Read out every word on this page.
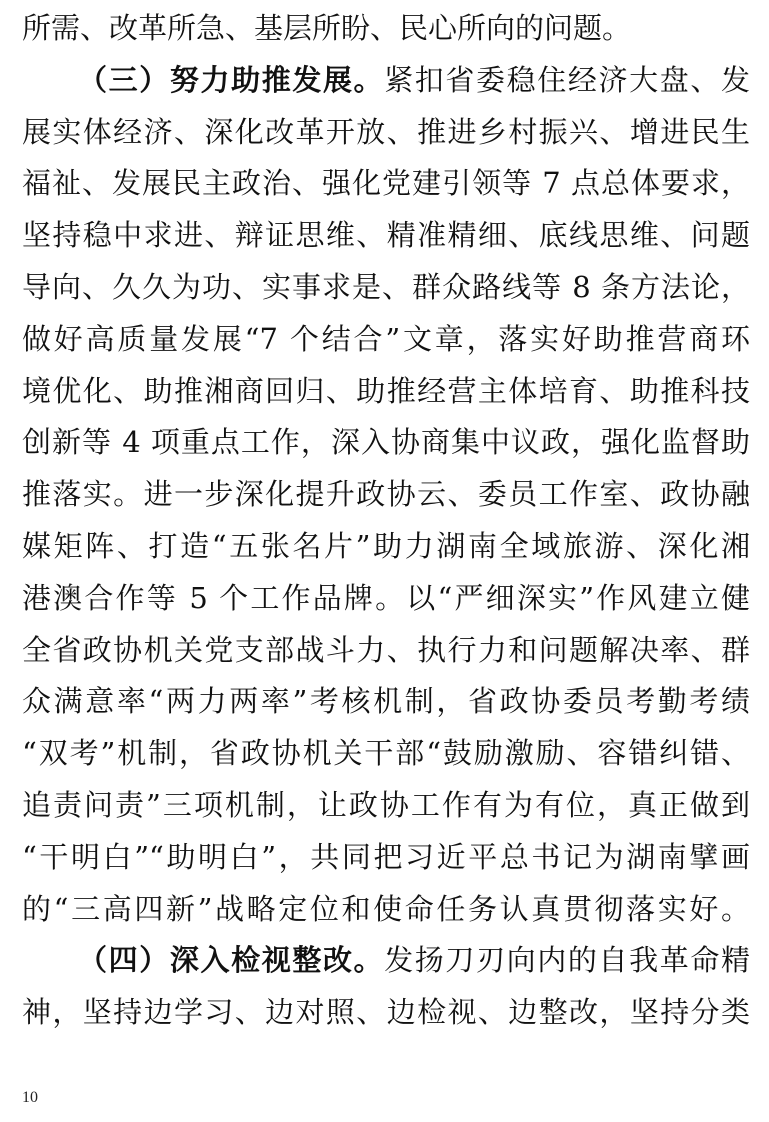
所需、改革所急、基层所盼、民心所向的问题。
（三）努力助推发展。紧扣省委稳住经济大盘、发
展实体经济、深化改革开放、推进乡村振兴、增进民生
福祉、发展民主政治、强化党建引领等 7 点总体要求，
坚持稳中求进、辩证思维、精准精细、底线思维、问题
导向、久久为功、实事求是、群众路线等 8 条方法论，
做好高质量发展“7 个结合”文章，落实好助推营商环
境优化、助推湘商回归、助推经营主体培育、助推科技
创新等 4 项重点工作，深入协商集中议政，强化监督助
推落实。进一步深化提升政协云、委员工作室、政协融
媒矩阵、打造“五张名片”助力湖南全域旅游、深化湘
港澳合作等 5 个工作品牌。以“严细深实”作风建立健
全省政协机关党支部战斗力、执行力和问题解决率、群
众满意率“两力两率”考核机制，省政协委员考勤考绩
“双考”机制，省政协机关干部“鼓励激励、容错纠错、
追责问责”三项机制，让政协工作有为有位，真正做到
“干明白”“助明白”，共同把习近平总书记为湖南擘画
的“三高四新”战略定位和使命任务认真贯彻落实好。
（四）深入检视整改。发扬刀刃向内的自我革命精
神，坚持边学习、边对照、边检视、边整改，坚持分类
10
